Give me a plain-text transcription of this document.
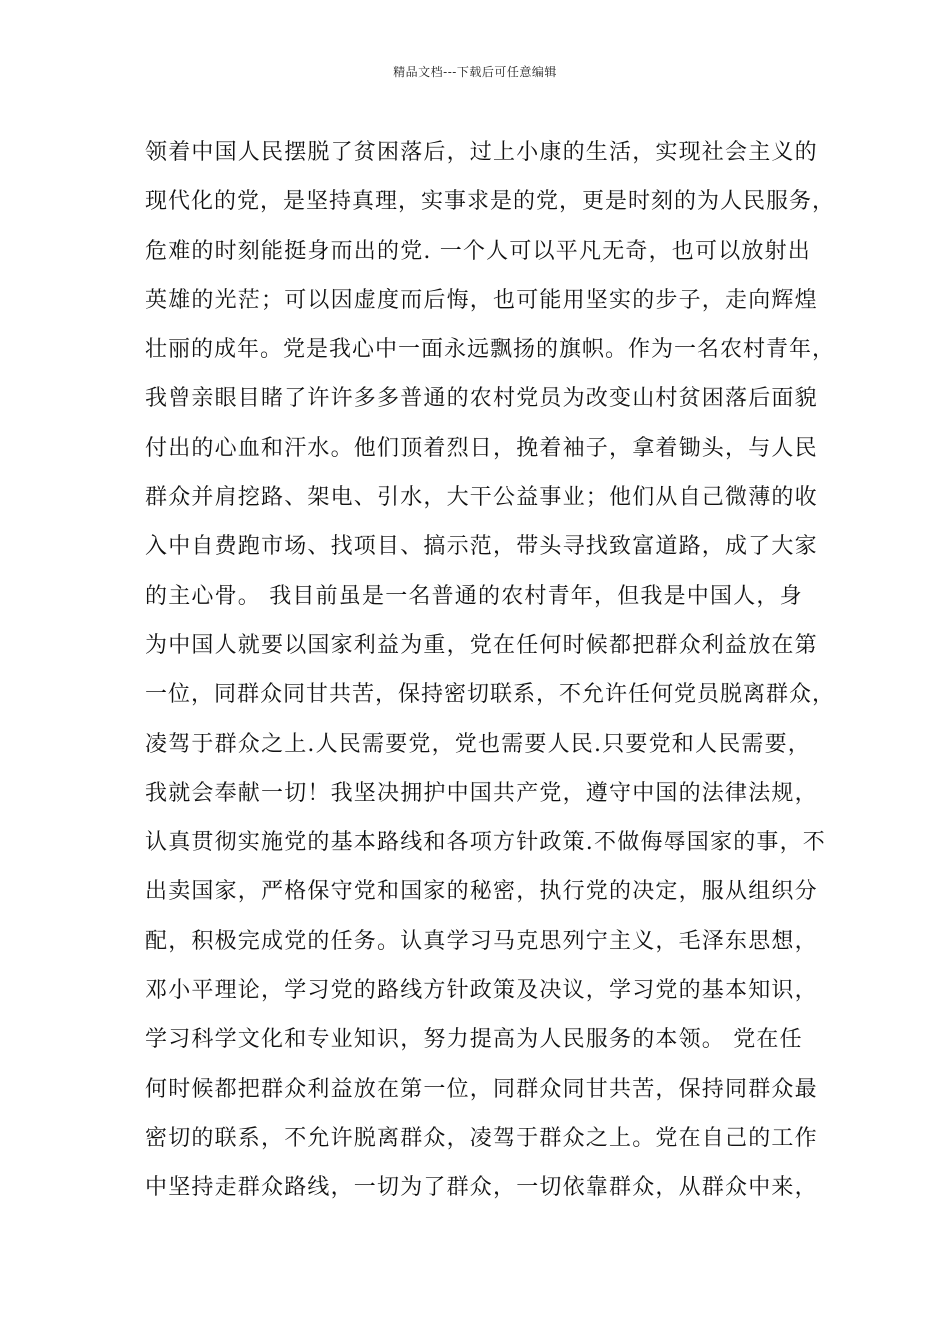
精品文档---下载后可任意编辑
领着中国人民摆脱了贫困落后，过上小康的生活，实现社会主义的
现代化的党，是坚持真理，实事求是的党，更是时刻的为人民服务，
危难的时刻能挺身而出的党. 一个人可以平凡无奇，也可以放射出
英雄的光茫；可以因虚度而后悔，也可能用坚实的步子，走向辉煌
壮丽的成年。党是我心中一面永远飘扬的旗帜。作为一名农村青年，
我曾亲眼目睹了许许多多普通的农村党员为改变山村贫困落后面貌
付出的心血和汗水。他们顶着烈日，挽着袖子，拿着锄头，与人民
群众并肩挖路、架电、引水，大干公益事业；他们从自己微薄的收
入中自费跑市场、找项目、搞示范，带头寻找致富道路，成了大家
的主心骨。 我目前虽是一名普通的农村青年，但我是中国人，身
为中国人就要以国家利益为重，党在任何时候都把群众利益放在第
一位，同群众同甘共苦，保持密切联系，不允许任何党员脱离群众，
凌驾于群众之上.人民需要党，党也需要人民.只要党和人民需要，
我就会奉献一切！我坚决拥护中国共产党，遵守中国的法律法规，
认真贯彻实施党的基本路线和各项方针政策.不做侮辱国家的事，不
出卖国家，严格保守党和国家的秘密，执行党的决定，服从组织分
配，积极完成党的任务。认真学习马克思列宁主义，毛泽东思想，
邓小平理论，学习党的路线方针政策及决议，学习党的基本知识，
学习科学文化和专业知识，努力提高为人民服务的本领。 党在任
何时候都把群众利益放在第一位，同群众同甘共苦，保持同群众最
密切的联系，不允许脱离群众，凌驾于群众之上。党在自己的工作
中坚持走群众路线，一切为了群众，一切依靠群众，从群众中来，
